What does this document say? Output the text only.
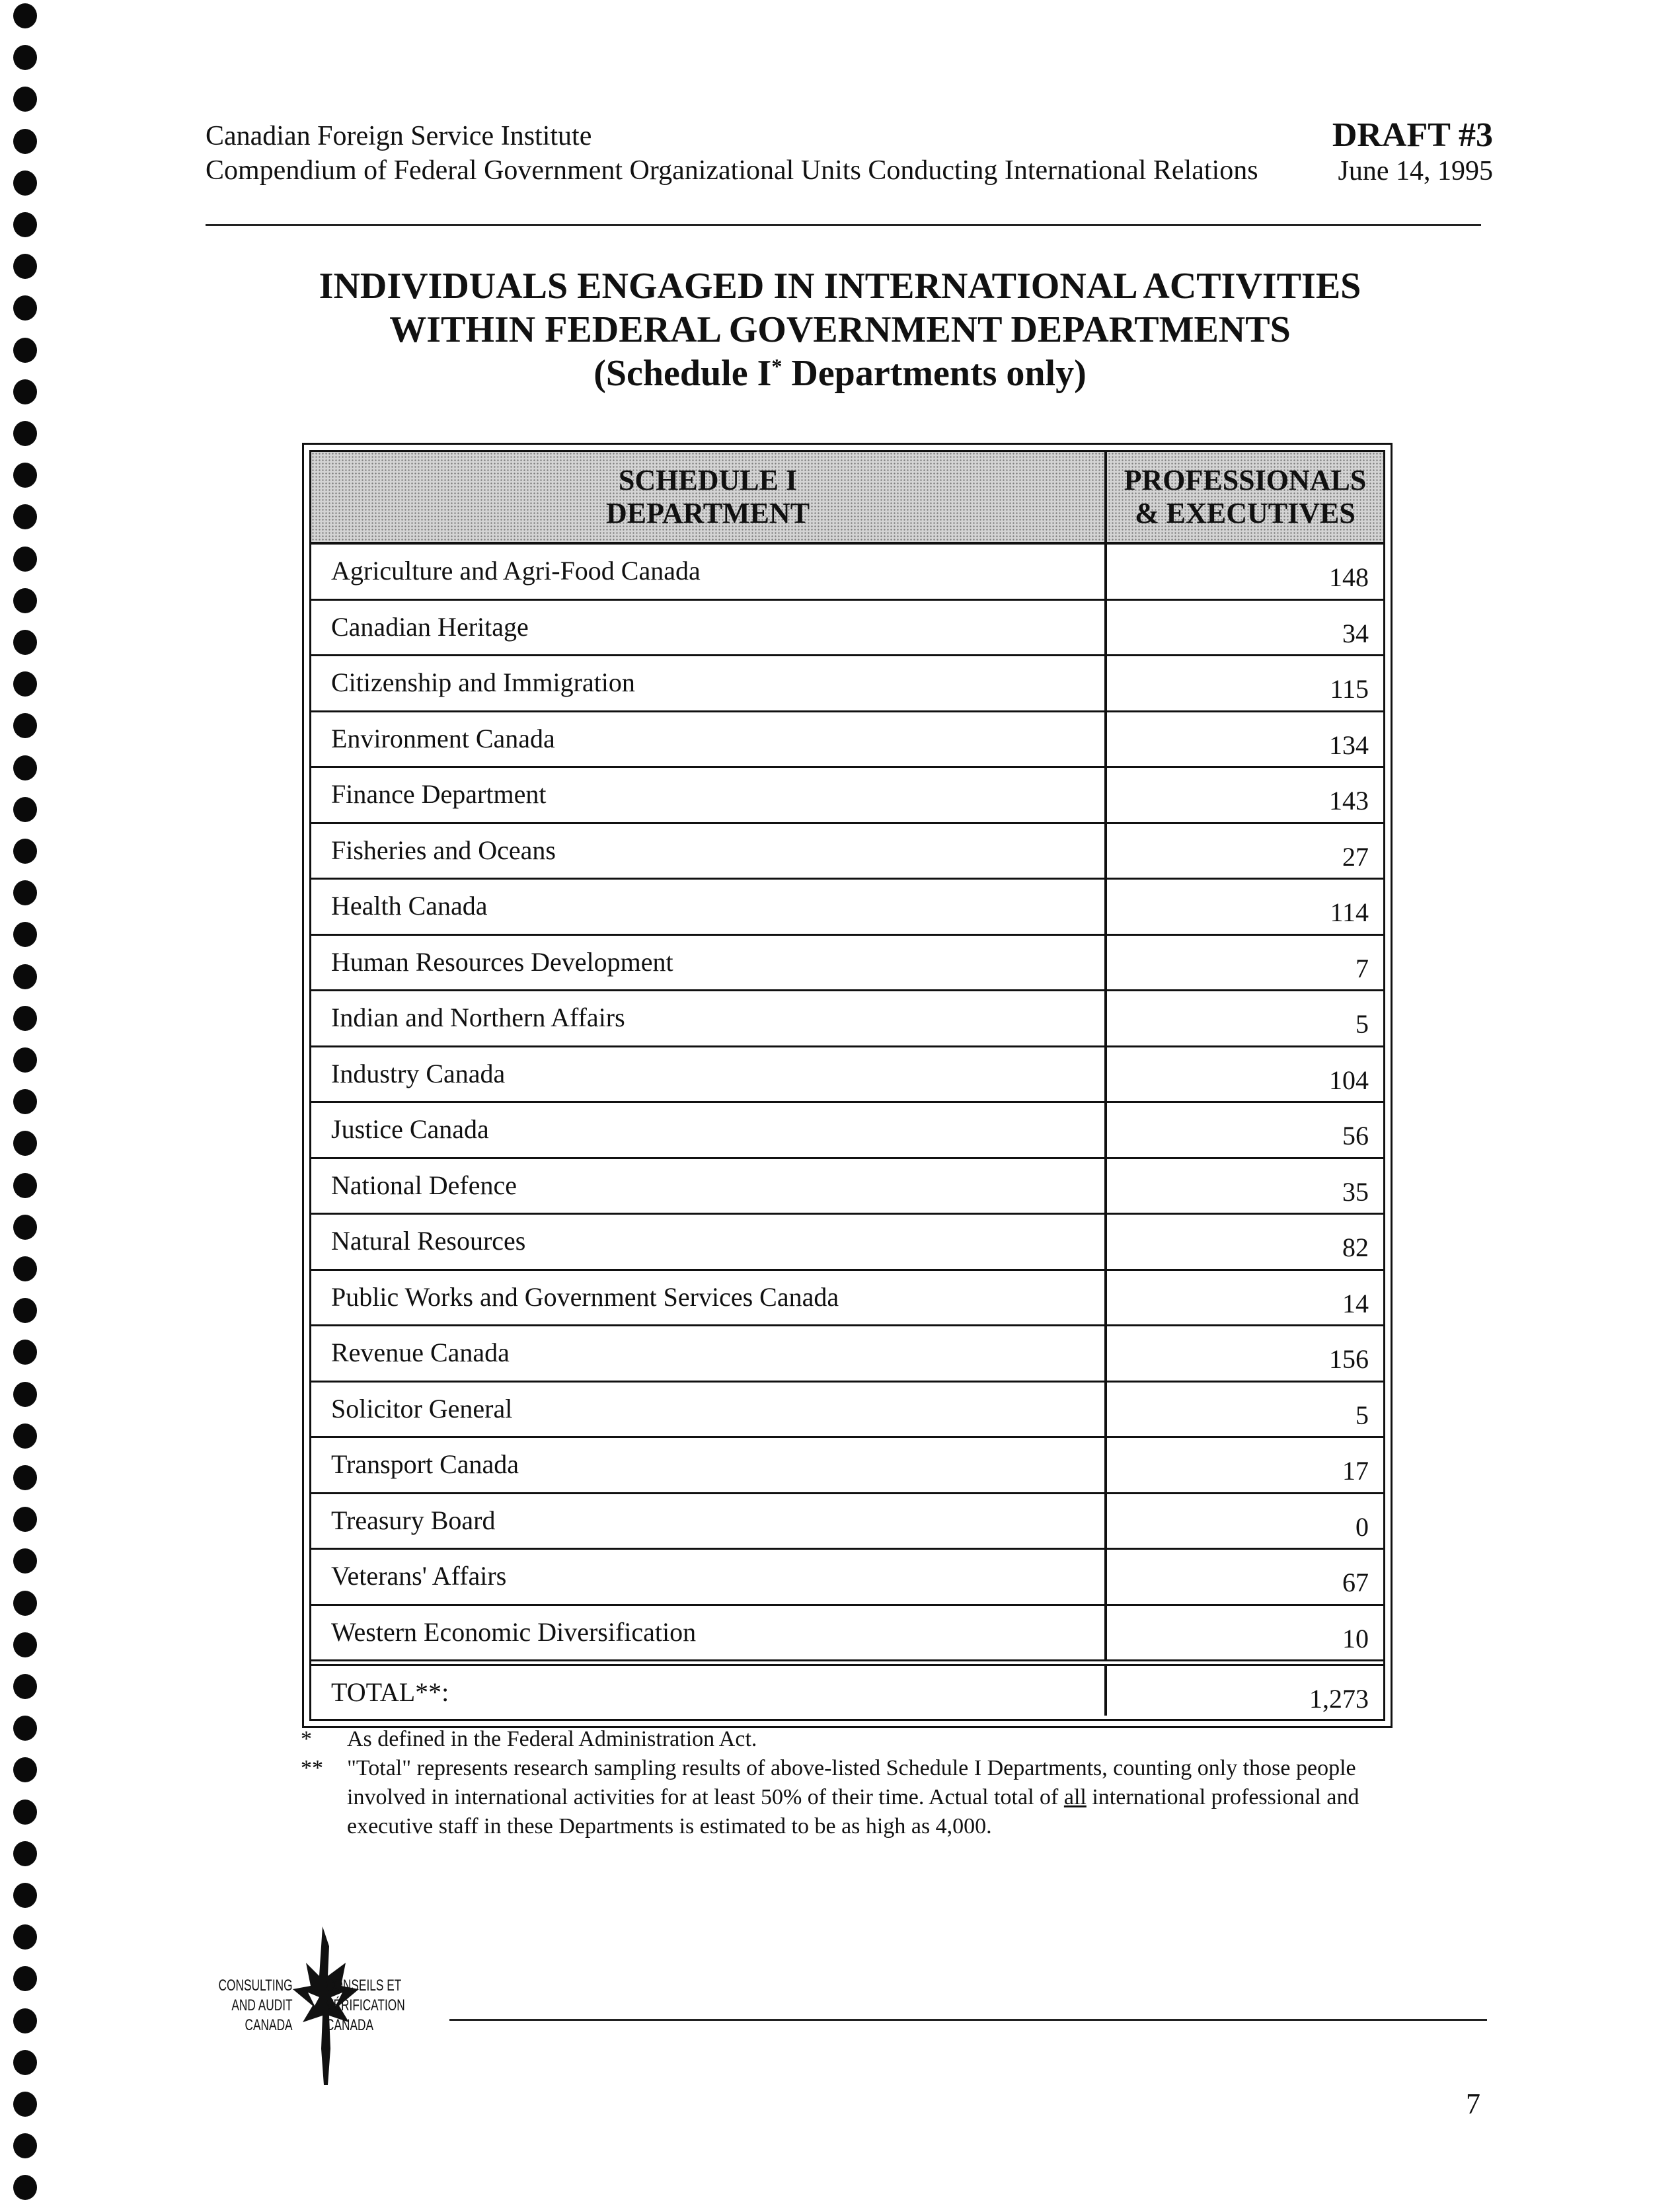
Canadian Foreign Service Institute
Compendium of Federal Government Organizational Units Conducting International Relations
DRAFT #3
June 14, 1995
INDIVIDUALS ENGAGED IN INTERNATIONAL ACTIVITIES
WITHIN FEDERAL GOVERNMENT DEPARTMENTS
(Schedule I* Departments only)
SCHEDULE I
DEPARTMENT
PROFESSIONALS
& EXECUTIVES
Agriculture and Agri-Food Canada	148
Canadian Heritage	34
Citizenship and Immigration	115
Environment Canada	134
Finance Department	143
Fisheries and Oceans	27
Health Canada	114
Human Resources Development	7
Indian and Northern Affairs	5
Industry Canada	104
Justice Canada	56
National Defence	35
Natural Resources	82
Public Works and Government Services Canada	14
Revenue Canada	156
Solicitor General	5
Transport Canada	17
Treasury Board	0
Veterans' Affairs	67
Western Economic Diversification	10
TOTAL**:	1,273
* As defined in the Federal Administration Act.
** "Total" represents research sampling results of above-listed Schedule I Departments, counting only those people involved in international activities for at least 50% of their time. Actual total of all international professional and executive staff in these Departments is estimated to be as high as 4,000.
CONSULTING
AND AUDIT
CANADA
CONSEILS ET
VÉRIFICATION
CANADA
7
